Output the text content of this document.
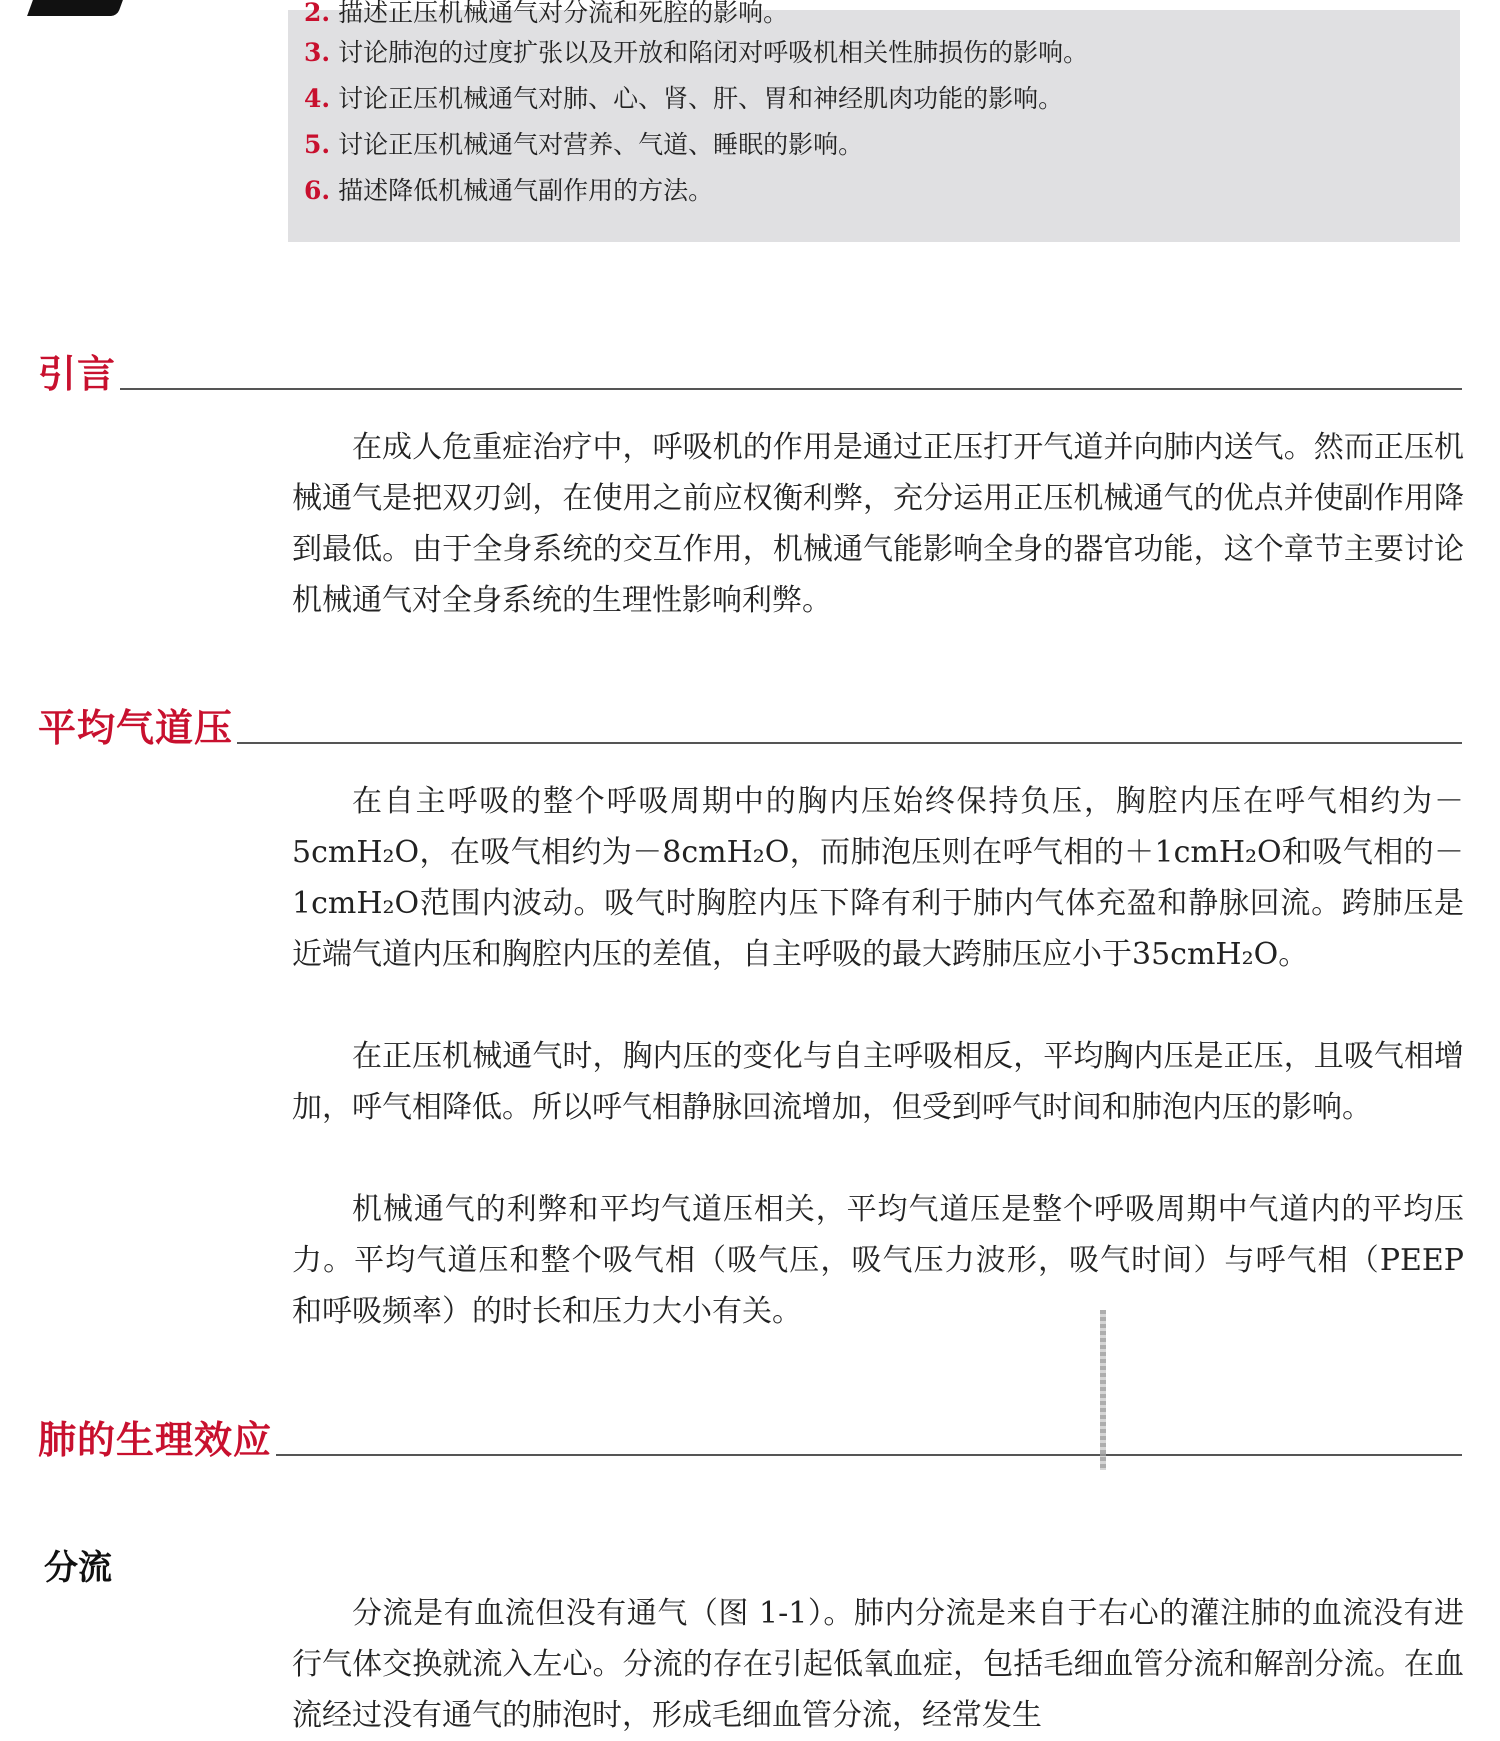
2. 描述正压机械通气对分流和死腔的影响。
3. 讨论肺泡的过度扩张以及开放和陷闭对呼吸机相关性肺损伤的影响。
4. 讨论正压机械通气对肺、心、肾、肝、胃和神经肌肉功能的影响。
5. 讨论正压机械通气对营养、气道、睡眠的影响。
6. 描述降低机械通气副作用的方法。
引言

在成人危重症治疗中，呼吸机的作用是通过正压打开气道并向肺内送气。然而正压机械通气是把双刃剑，在使用之前应权衡利弊，充分运用正压机械通气的优点并使副作用降到最低。由于全身系统的交互作用，机械通气能影响全身的器官功能，这个章节主要讨论机械通气对全身系统的生理性影响利弊。

平均气道压

在自主呼吸的整个呼吸周期中的胸内压始终保持负压，胸腔内压在呼气相约为－5cmH₂O，在吸气相约为－8cmH₂O，而肺泡压则在呼气相的＋1cmH₂O和吸气相的－1cmH₂O范围内波动。吸气时胸腔内压下降有利于肺内气体充盈和静脉回流。跨肺压是近端气道内压和胸腔内压的差值，自主呼吸的最大跨肺压应小于35cmH₂O。

在正压机械通气时，胸内压的变化与自主呼吸相反，平均胸内压是正压，且吸气相增加，呼气相降低。所以呼气相静脉回流增加，但受到呼气时间和肺泡内压的影响。

机械通气的利弊和平均气道压相关，平均气道压是整个呼吸周期中气道内的平均压力。平均气道压和整个吸气相（吸气压，吸气压力波形，吸气时间）与呼气相（PEEP 和呼吸频率）的时长和压力大小有关。

肺的生理效应
分流

分流是有血流但没有通气（图 1-1）。肺内分流是来自于右心的灌注肺的血流没有进行气体交换就流入左心。分流的存在引起低氧血症，包括毛细血管分流和解剖分流。在血流经过没有通气的肺泡时，形成毛细血管分流，经常发生
